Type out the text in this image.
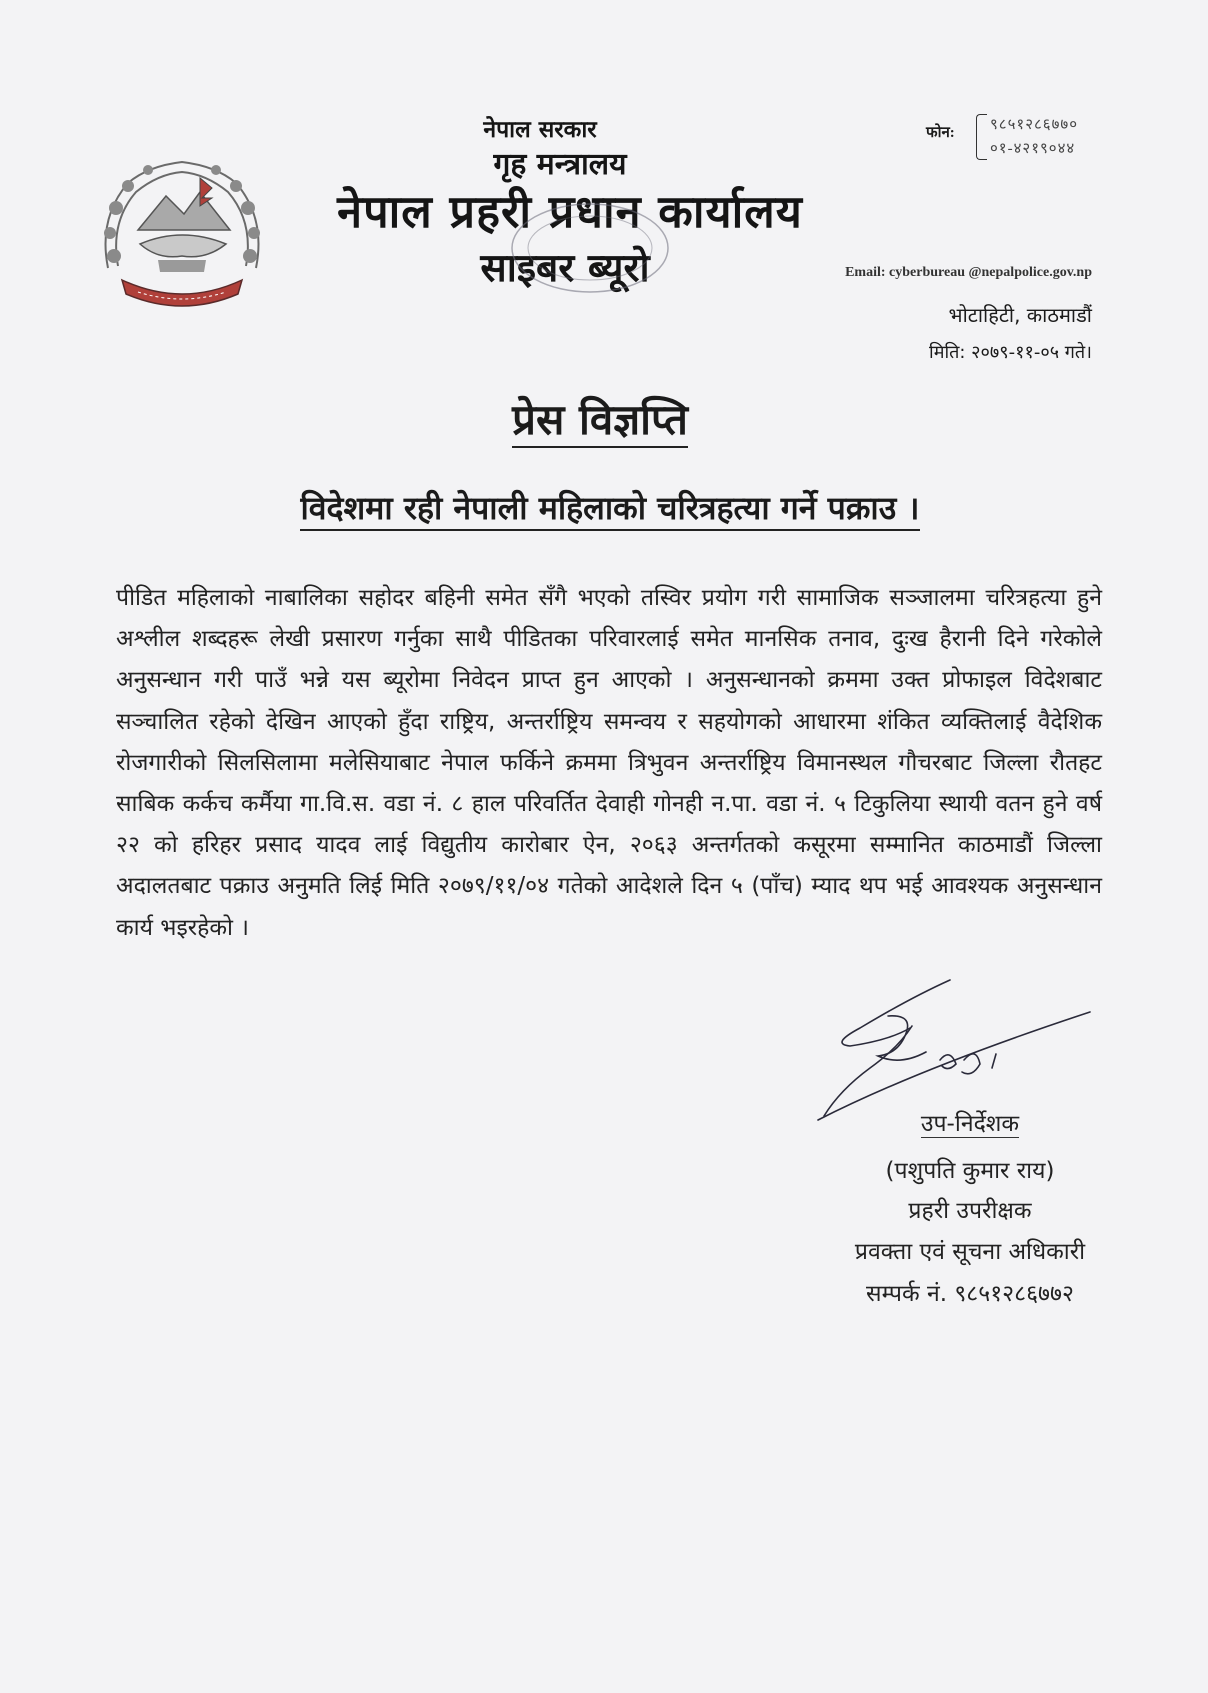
नेपाल सरकार
गृह मन्त्रालय
नेपाल प्रहरी प्रधान कार्यालय
साइबर ब्यूरो
फोन: ९८५१२८६७७०
०१-४२१९०४४
Email: cyberbureau @nepalpolice.gov.np
भोटाहिटी, काठमाडौं
मिति: २०७९-११-०५ गते।
प्रेस विज्ञप्ति
विदेशमा रही नेपाली महिलाको चरित्रहत्या गर्ने पक्राउ ।
पीडित महिलाको नाबालिका सहोदर बहिनी समेत सँगै भएको तस्विर प्रयोग गरी सामाजिक सञ्जालमा चरित्रहत्या हुने अश्लील शब्दहरू लेखी प्रसारण गर्नुका साथै पीडितका परिवारलाई समेत मानसिक तनाव, दुःख हैरानी दिने गरेकोले अनुसन्धान गरी पाउँ भन्ने यस ब्यूरोमा निवेदन प्राप्त हुन आएको । अनुसन्धानको क्रममा उक्त प्रोफाइल विदेशबाट सञ्चालित रहेको देखिन आएको हुँदा राष्ट्रिय, अन्तर्राष्ट्रिय समन्वय र सहयोगको आधारमा शंकित व्यक्तिलाई वैदेशिक रोजगारीको सिलसिलामा मलेसियाबाट नेपाल फर्किने क्रममा त्रिभुवन अन्तर्राष्ट्रिय विमानस्थल गौचरबाट जिल्ला रौतहट साबिक कर्कच कर्मैया गा.वि.स. वडा नं. ८ हाल परिवर्तित देवाही गोनही न.पा. वडा नं. ५ टिकुलिया स्थायी वतन हुने वर्ष २२ को हरिहर प्रसाद यादव लाई विद्युतीय कारोबार ऐन, २०६३ अन्तर्गतको कसूरमा सम्मानित काठमाडौं जिल्ला अदालतबाट पक्राउ अनुमति लिई मिति २०७९/११/०४ गतेको आदेशले दिन ५ (पाँच) म्याद थप भई आवश्यक अनुसन्धान कार्य भइरहेको ।
उप-निर्देशक
(पशुपति कुमार राय)
प्रहरी उपरीक्षक
प्रवक्ता एवं सूचना अधिकारी
सम्पर्क नं. ९८५१२८६७७२
